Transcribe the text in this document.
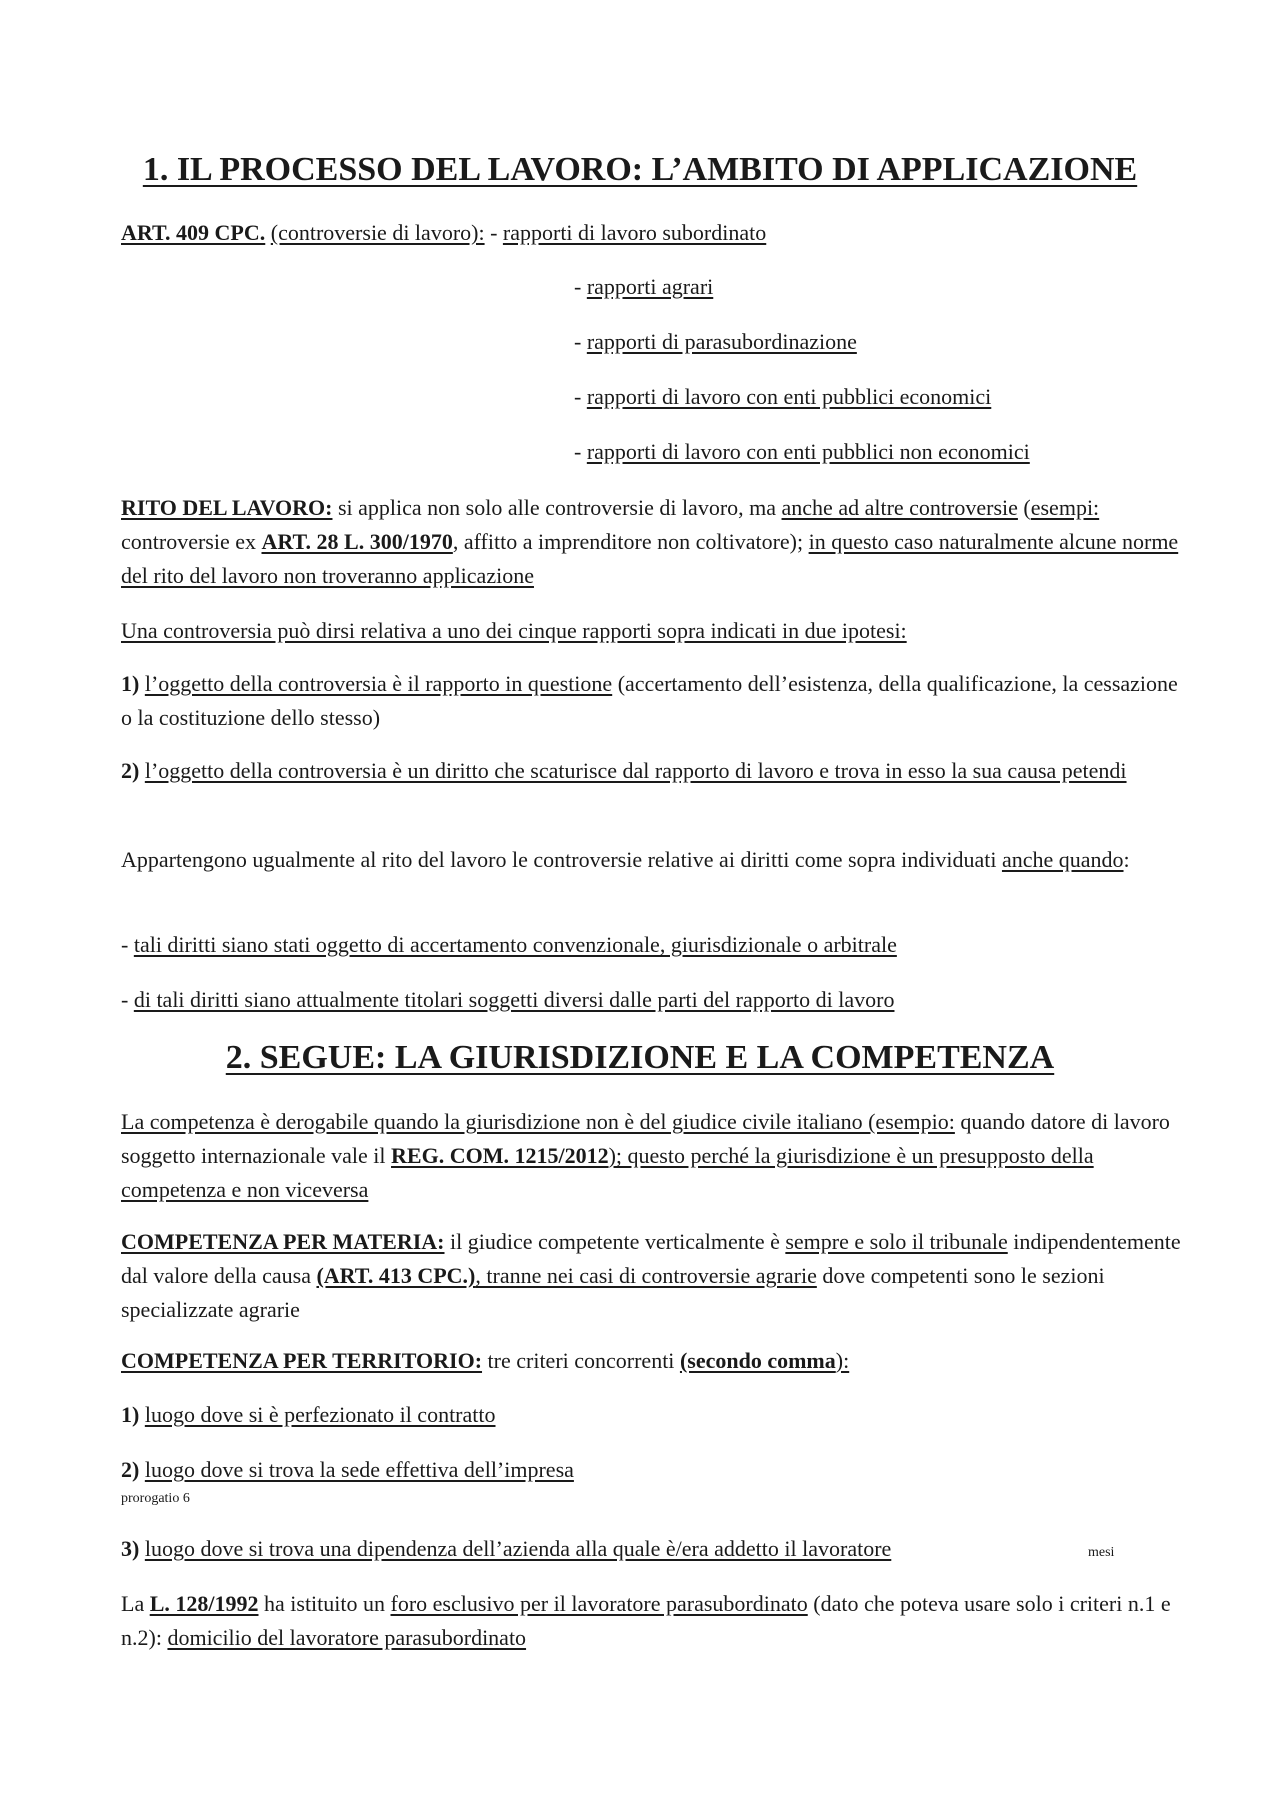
1. IL PROCESSO DEL LAVORO: L’AMBITO DI APPLICAZIONE

ART. 409 CPC. (controversie di lavoro): - rapporti di lavoro subordinato

- rapporti agrari

- rapporti di parasubordinazione

- rapporti di lavoro con enti pubblici economici

- rapporti di lavoro con enti pubblici non economici

RITO DEL LAVORO: si applica non solo alle controversie di lavoro, ma anche ad altre controversie (esempi: controversie ex ART. 28 L. 300/1970, affitto a imprenditore non coltivatore); in questo caso naturalmente alcune norme del rito del lavoro non troveranno applicazione

Una controversia può dirsi relativa a uno dei cinque rapporti sopra indicati in due ipotesi:

1) l’oggetto della controversia è il rapporto in questione (accertamento dell’esistenza, della qualificazione, la cessazione o la costituzione dello stesso)

2) l’oggetto della controversia è un diritto che scaturisce dal rapporto di lavoro e trova in esso la sua causa petendi

Appartengono ugualmente al rito del lavoro le controversie relative ai diritti come sopra individuati anche quando:

- tali diritti siano stati oggetto di accertamento convenzionale, giurisdizionale o arbitrale

- di tali diritti siano attualmente titolari soggetti diversi dalle parti del rapporto di lavoro

2. SEGUE: LA GIURISDIZIONE E LA COMPETENZA

La competenza è derogabile quando la giurisdizione non è del giudice civile italiano (esempio: quando datore di lavoro soggetto internazionale vale il REG. COM. 1215/2012); questo perché la giurisdizione è un presupposto della competenza e non viceversa

COMPETENZA PER MATERIA: il giudice competente verticalmente è sempre e solo il tribunale indipendentemente dal valore della causa (ART. 413 CPC.), tranne nei casi di controversie agrarie dove competenti sono le sezioni specializzate agrarie

COMPETENZA PER TERRITORIO: tre criteri concorrenti (secondo comma):

1) luogo dove si è perfezionato il contratto

2) luogo dove si trova la sede effettiva dell’impresa

prorogatio 6

3) luogo dove si trova una dipendenza dell’azienda alla quale è/era addetto il lavoratore	mesi

La L. 128/1992 ha istituito un foro esclusivo per il lavoratore parasubordinato (dato che poteva usare solo i criteri n.1 e n.2): domicilio del lavoratore parasubordinato
